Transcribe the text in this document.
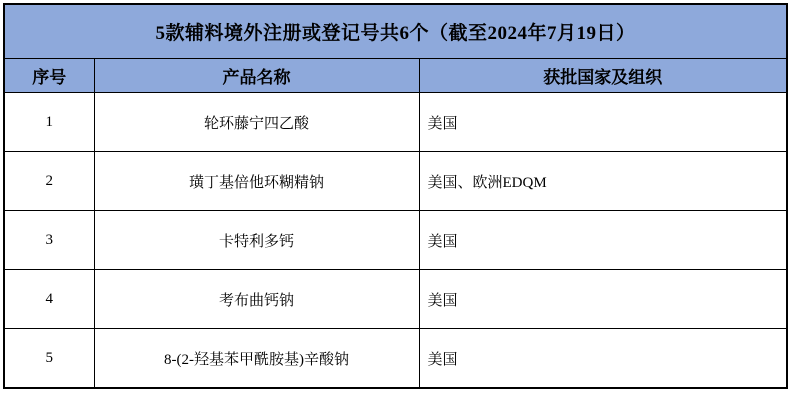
5款辅料境外注册或登记号共6个（截至2024年7月19日）		
序号	产品名称	获批国家及组织
1	轮环藤宁四乙酸	美国
2	璜丁基倍他环糊精钠	美国、欧洲EDQM
3	卡特利多钙	美国
4	考布曲钙钠	美国
5	8-(2-羟基苯甲酰胺基)辛酸钠	美国
